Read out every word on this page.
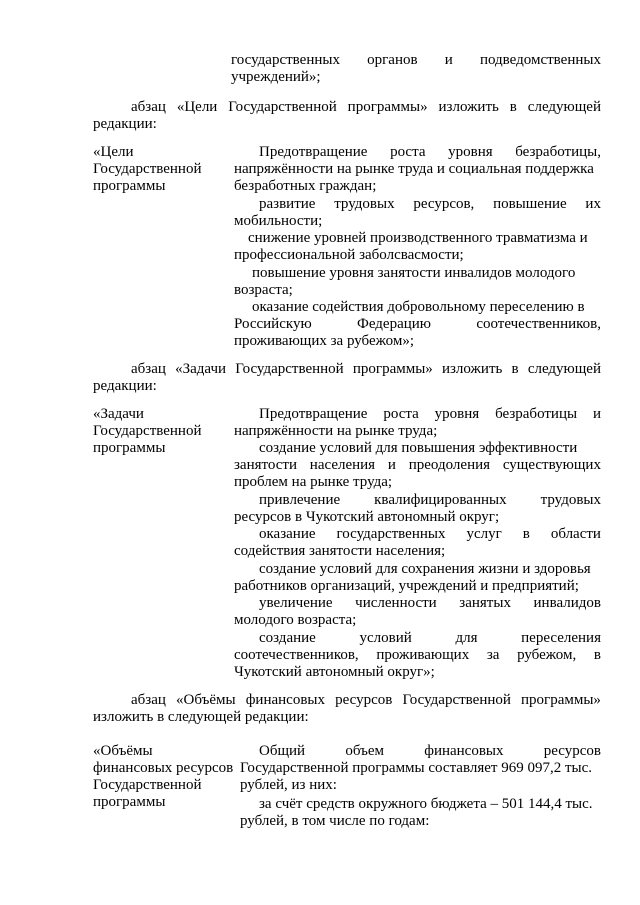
государственных органов и подведомственных
учреждений»;
абзац «Цели Государственной программы» изложить в следующей
редакции:
«Цели
Государственной
программы
Предотвращение роста уровня безработицы,
напряжённости на рынке труда и социальная поддержка
безработных граждан;
развитие трудовых ресурсов, повышение их
мобильности;
снижение уровней производственного травматизма и
профессиональной заболсвасмости;
повышение уровня занятости инвалидов молодого
возраста;
оказание содействия добровольному переселению в
Российскую	Федерацию	соотечественников,
проживающих за рубежом»;
абзац «Задачи Государственной программы» изложить в следующей
редакции:
«Задачи
Государственной
программы
Предотвращение роста уровня безработицы и
напряжённости на рынке труда;
создание условий для повышения эффективности
занятости населения и преодоления существующих
проблем на рынке труда;
привлечение квалифицированных трудовых
ресурсов в Чукотский автономный округ;
оказание государственных услуг в области
содействия занятости населения;
создание условий для сохранения жизни и здоровья
работников организаций, учреждений и предприятий;
увеличение численности занятых инвалидов
молодого возраста;
создание	условий	для	переселения
соотечественников, проживающих за рубежом, в
Чукотский автономный округ»;
абзац «Объёмы финансовых ресурсов Государственной программы»
изложить в следующей редакции:
«Объёмы
финансовых ресурсов
Государственной
программы
Общий	объем	финансовых	ресурсов
Государственной программы составляет 969 097,2 тыс.
рублей, из них:
за счёт средств окружного бюджета – 501 144,4 тыс.
рублей, в том числе по годам:
